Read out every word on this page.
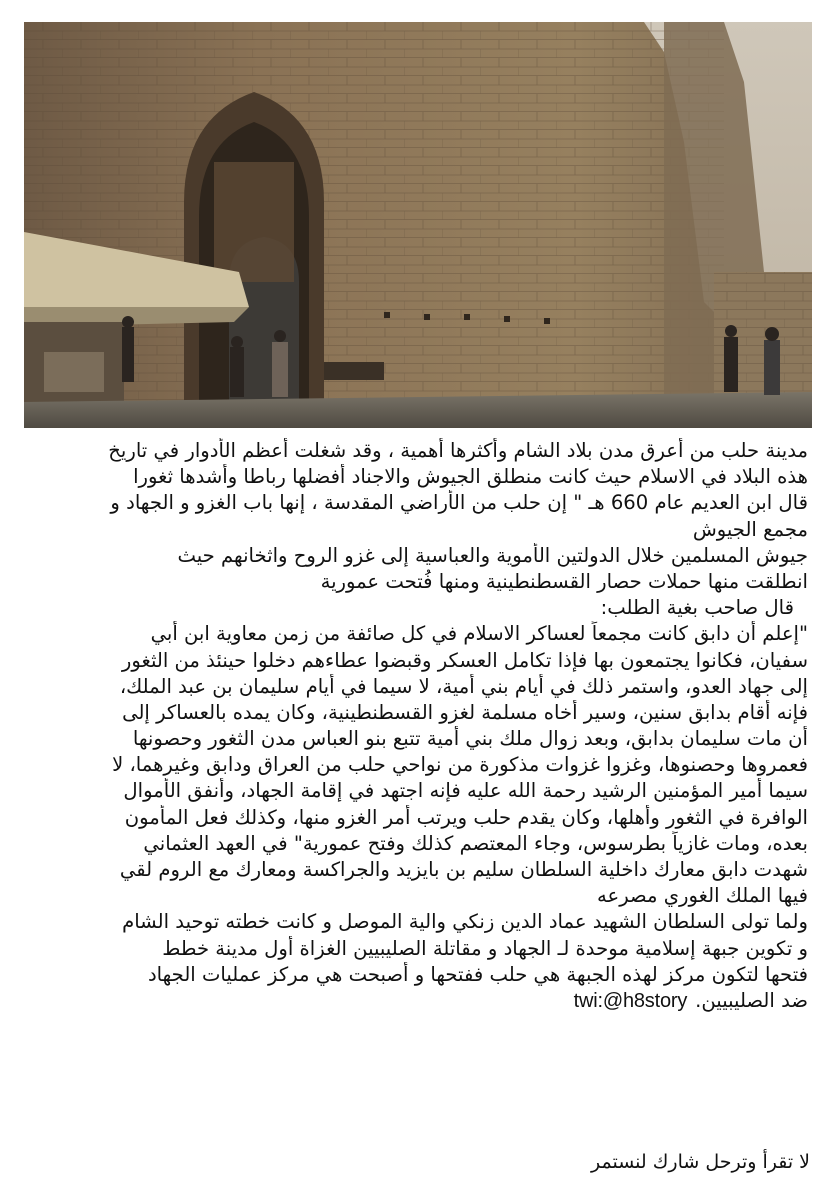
مدينة حلب من أعرق مدن بلاد الشام وأكثرها أهمية ، وقد شغلت أعظم الأدوار في تاريخ
هذه البلاد في الاسلام حيث كانت منطلق الجيوش والاجناد أفضلها رباطا وأشدها ثغورا
قال ابن العديم عام 660 هـ " إن حلب من الأراضي المقدسة ، إنها باب الغزو و الجهاد و
مجمع الجيوش
جيوش المسلمين خلال الدولتين الأموية والعباسية إلى غزو الروح واثخانهم حيث
انطلقت منها حملات حصار القسطنطينية ومنها فُتحت عمورية
قال صاحب بغية الطلب:
"إعلم أن دابق كانت مجمعاً لعساكر الاسلام في كل صائفة من زمن معاوية ابن أبي
سفيان، فكانوا يجتمعون بها فإذا تكامل العسكر وقبضوا عطاءهم دخلوا حينئذ من الثغور
إلى جهاد العدو، واستمر ذلك في أيام بني أمية، لا سيما في أيام سليمان بن عبد الملك،
فإنه أقام بدابق سنين، وسير أخاه مسلمة لغزو القسطنطينية، وكان يمده بالعساكر إلى
أن مات سليمان بدابق، وبعد زوال ملك بني أمية تتبع بنو العباس مدن الثغور وحصونها
فعمروها وحصنوها، وغزوا غزوات مذكورة من نواحي حلب من العراق ودابق وغيرهما، لا
سيما أمير المؤمنين الرشيد رحمة الله عليه فإنه اجتهد في إقامة الجهاد، وأنفق الأموال
الوافرة في الثغور وأهلها، وكان يقدم حلب ويرتب أمر الغزو منها، وكذلك فعل المأمون
بعده، ومات غازياً بطرسوس، وجاء المعتصم كذلك وفتح عمورية" في العهد العثماني
شهدت دابق معارك داخلية السلطان سليم بن بايزيد والجراكسة ومعارك مع الروم لقي
فيها الملك الغوري مصرعه
ولما تولى السلطان الشهيد عماد الدين زنكي والية الموصل و كانت خطته توحيد الشام
و تكوين جبهة إسلامية موحدة لـ الجهاد و مقاتلة الصليبيين الغزاة أول مدينة خطط
فتحها لتكون مركز لهذه الجبهة هي حلب ففتحها و أصبحت هي مركز عمليات الجهاد
ضد الصليبيين.twi:@h8story
لا تقرأ وترحل شارك لنستمر
